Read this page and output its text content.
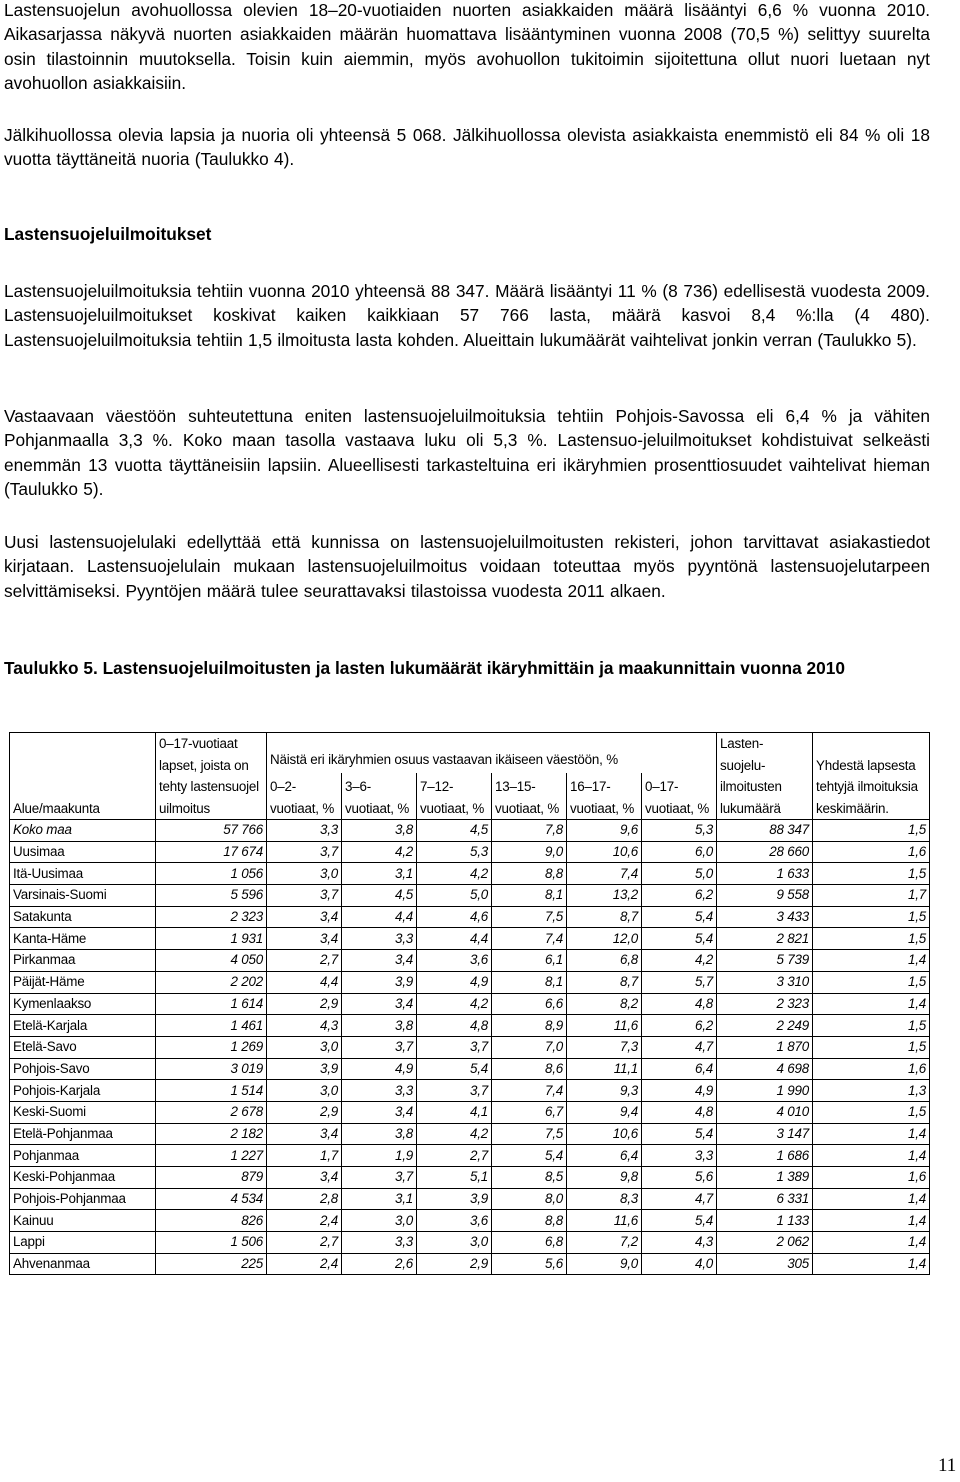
Lastensuojelun avohuollossa olevien 18–20-vuotiaiden nuorten asiakkaiden määrä lisääntyi 6,6 % vuonna 2010. Aikasarjassa näkyvä nuorten asiakkaiden määrän huomattava lisääntyminen vuonna 2008 (70,5 %) selittyy suurelta osin tilastoinnin muutoksella. Toisin kuin aiemmin, myös avohuollon tukitoimin sijoitettuna ollut nuori luetaan nyt avohuollon asiakkaisiin.

Jälkihuollossa olevia lapsia ja nuoria oli yhteensä 5 068. Jälkihuollossa olevista asiakkaista enemmistö eli 84 % oli 18 vuotta täyttäneitä nuoria (Taulukko 4).

Lastensuojeluilmoitukset

Lastensuojeluilmoituksia tehtiin vuonna 2010 yhteensä 88 347. Määrä lisääntyi 11 % (8 736) edellisestä vuodesta 2009. Lastensuojeluilmoitukset koskivat kaiken kaikkiaan 57 766 lasta, määrä kasvoi 8,4 %:lla (4 480). Lastensuojeluilmoituksia tehtiin 1,5 ilmoitusta lasta kohden. Alueittain lukumäärät vaihtelivat jonkin verran (Taulukko 5).

Vastaavaan väestöön suhteutettuna eniten lastensuojeluilmoituksia tehtiin Pohjois-Savossa eli 6,4 % ja vähiten Pohjanmaalla 3,3 %. Koko maan tasolla vastaava luku oli 5,3 %. Lastensuo-jeluilmoitukset kohdistuivat selkeästi enemmän 13 vuotta täyttäneisiin lapsiin. Alueellisesti tarkasteltuina eri ikäryhmien prosenttiosuudet vaihtelivat hieman (Taulukko 5).

Uusi lastensuojelulaki edellyttää että kunnissa on lastensuojeluilmoitusten rekisteri, johon tarvittavat asiakastiedot kirjataan. Lastensuojelulain mukaan lastensuojeluilmoitus voidaan toteuttaa myös pyyntönä lastensuojelutarpeen selvittämiseksi. Pyyntöjen määrä tulee seurattavaksi tilastoissa vuodesta 2011 alkaen.

Taulukko 5. Lastensuojeluilmoitusten ja lasten lukumäärät ikäryhmittäin ja maakunnittain vuonna 2010
Alue/maakunta	0–17-vuotiaat lapset, joista on tehty lastensuojel uilmoitus	Näistä eri ikäryhmien osuus vastaavan ikäiseen väestöön, %						Lasten- suojelu- ilmoitusten lukumäärä	Yhdestä lapsesta tehtyjä ilmoituksia keskimäärin.
		0–2- vuotiaat, %	3–6- vuotiaat, %	7–12- vuotiaat, %	13–15- vuotiaat, %	16–17- vuotiaat, %	0–17- vuotiaat, %		
Koko maa	57 766	3,3	3,8	4,5	7,8	9,6	5,3	88 347	1,5
Uusimaa	17 674	3,7	4,2	5,3	9,0	10,6	6,0	28 660	1,6
Itä-Uusimaa	1 056	3,0	3,1	4,2	8,8	7,4	5,0	1 633	1,5
Varsinais-Suomi	5 596	3,7	4,5	5,0	8,1	13,2	6,2	9 558	1,7
Satakunta	2 323	3,4	4,4	4,6	7,5	8,7	5,4	3 433	1,5
Kanta-Häme	1 931	3,4	3,3	4,4	7,4	12,0	5,4	2 821	1,5
Pirkanmaa	4 050	2,7	3,4	3,6	6,1	6,8	4,2	5 739	1,4
Päijät-Häme	2 202	4,4	3,9	4,9	8,1	8,7	5,7	3 310	1,5
Kymenlaakso	1 614	2,9	3,4	4,2	6,6	8,2	4,8	2 323	1,4
Etelä-Karjala	1 461	4,3	3,8	4,8	8,9	11,6	6,2	2 249	1,5
Etelä-Savo	1 269	3,0	3,7	3,7	7,0	7,3	4,7	1 870	1,5
Pohjois-Savo	3 019	3,9	4,9	5,4	8,6	11,1	6,4	4 698	1,6
Pohjois-Karjala	1 514	3,0	3,3	3,7	7,4	9,3	4,9	1 990	1,3
Keski-Suomi	2 678	2,9	3,4	4,1	6,7	9,4	4,8	4 010	1,5
Etelä-Pohjanmaa	2 182	3,4	3,8	4,2	7,5	10,6	5,4	3 147	1,4
Pohjanmaa	1 227	1,7	1,9	2,7	5,4	6,4	3,3	1 686	1,4
Keski-Pohjanmaa	879	3,4	3,7	5,1	8,5	9,8	5,6	1 389	1,6
Pohjois-Pohjanmaa	4 534	2,8	3,1	3,9	8,0	8,3	4,7	6 331	1,4
Kainuu	826	2,4	3,0	3,6	8,8	11,6	5,4	1 133	1,4
Lappi	1 506	2,7	3,3	3,0	6,8	7,2	4,3	2 062	1,4
Ahvenanmaa	225	2,4	2,6	2,9	5,6	9,0	4,0	305	1,4
11
